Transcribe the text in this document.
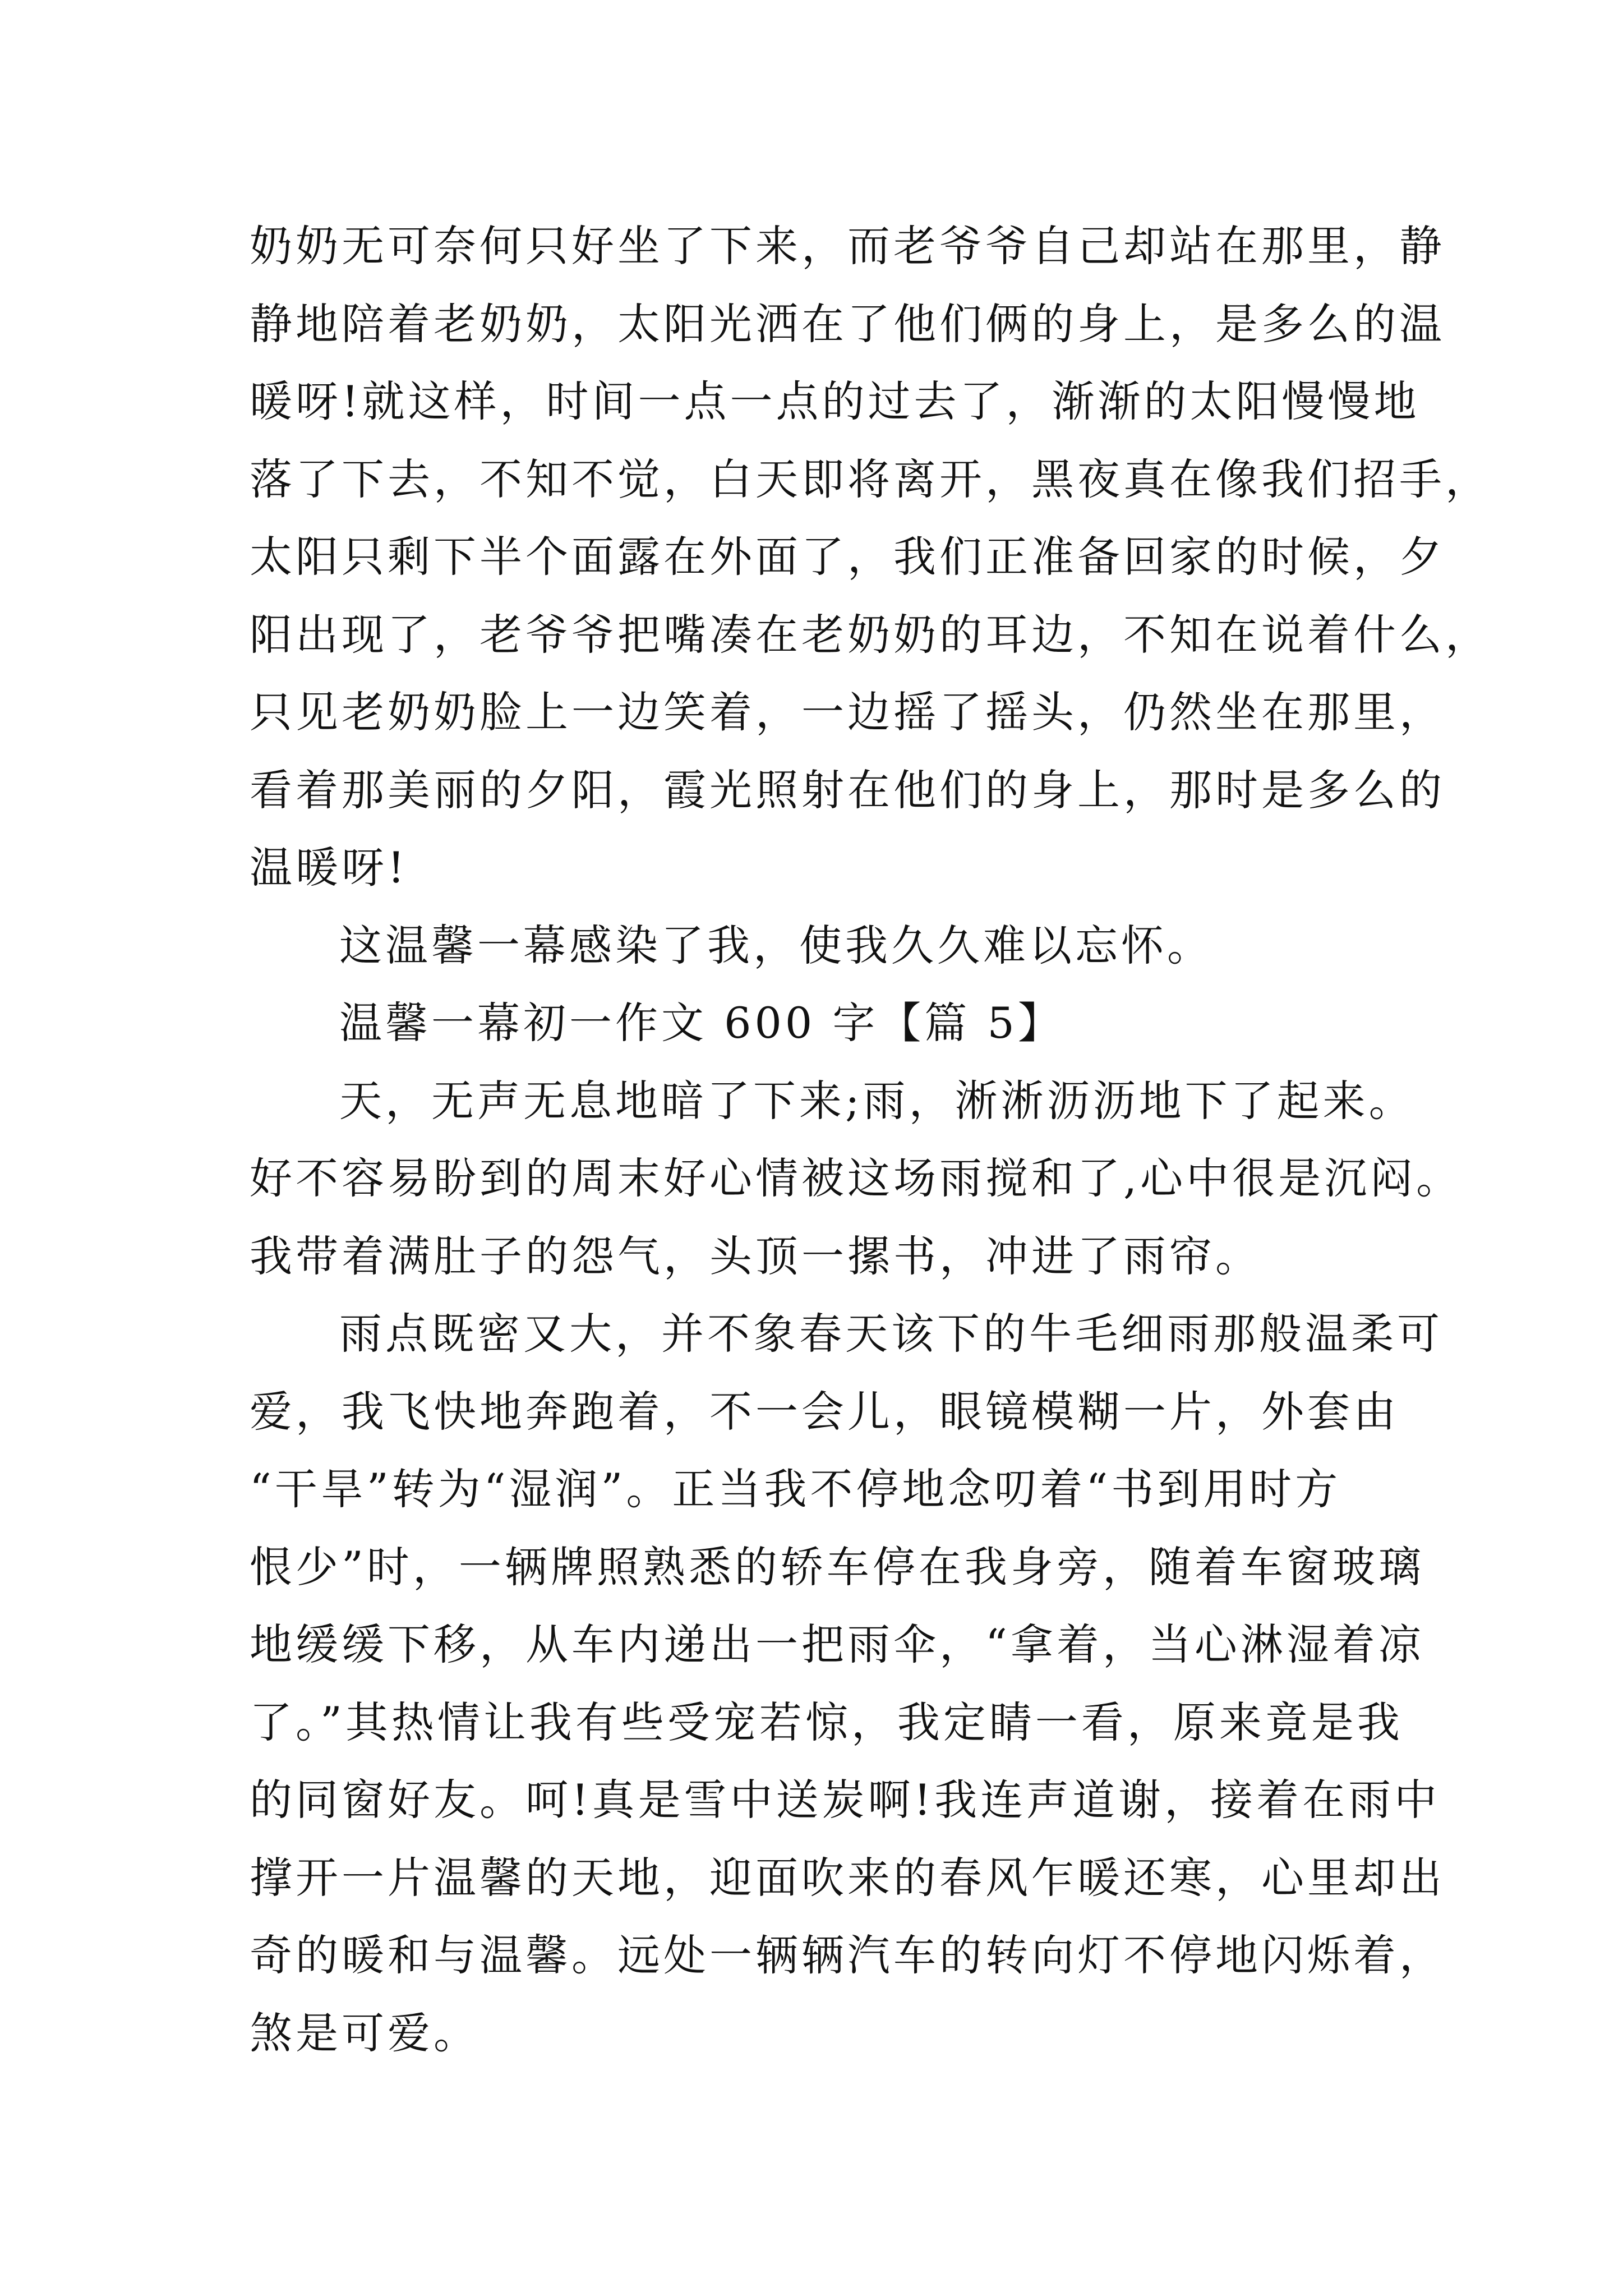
奶奶无可奈何只好坐了下来，而老爷爷自己却站在那里，静
静地陪着老奶奶，太阳光洒在了他们俩的身上，是多么的温
暖呀!就这样，时间一点一点的过去了，渐渐的太阳慢慢地
落了下去，不知不觉，白天即将离开，黑夜真在像我们招手，
太阳只剩下半个面露在外面了，我们正准备回家的时候，夕
阳出现了，老爷爷把嘴凑在老奶奶的耳边，不知在说着什么，
只见老奶奶脸上一边笑着，一边摇了摇头，仍然坐在那里，
看着那美丽的夕阳，霞光照射在他们的身上，那时是多么的
温暖呀!
这温馨一幕感染了我，使我久久难以忘怀。
温馨一幕初一作文 600 字【篇 5】
天，无声无息地暗了下来;雨，淅淅沥沥地下了起来。
好不容易盼到的周末好心情被这场雨搅和了,心中很是沉闷。
我带着满肚子的怨气，头顶一摞书，冲进了雨帘。
雨点既密又大，并不象春天该下的牛毛细雨那般温柔可
爱，我飞快地奔跑着，不一会儿，眼镜模糊一片，外套由
“干旱”转为“湿润”。正当我不停地念叨着“书到用时方
恨少”时，一辆牌照熟悉的轿车停在我身旁，随着车窗玻璃
地缓缓下移，从车内递出一把雨伞，“拿着，当心淋湿着凉
了。”其热情让我有些受宠若惊，我定睛一看，原来竟是我
的同窗好友。呵!真是雪中送炭啊!我连声道谢，接着在雨中
撑开一片温馨的天地，迎面吹来的春风乍暖还寒，心里却出
奇的暖和与温馨。远处一辆辆汽车的转向灯不停地闪烁着，
煞是可爱。
